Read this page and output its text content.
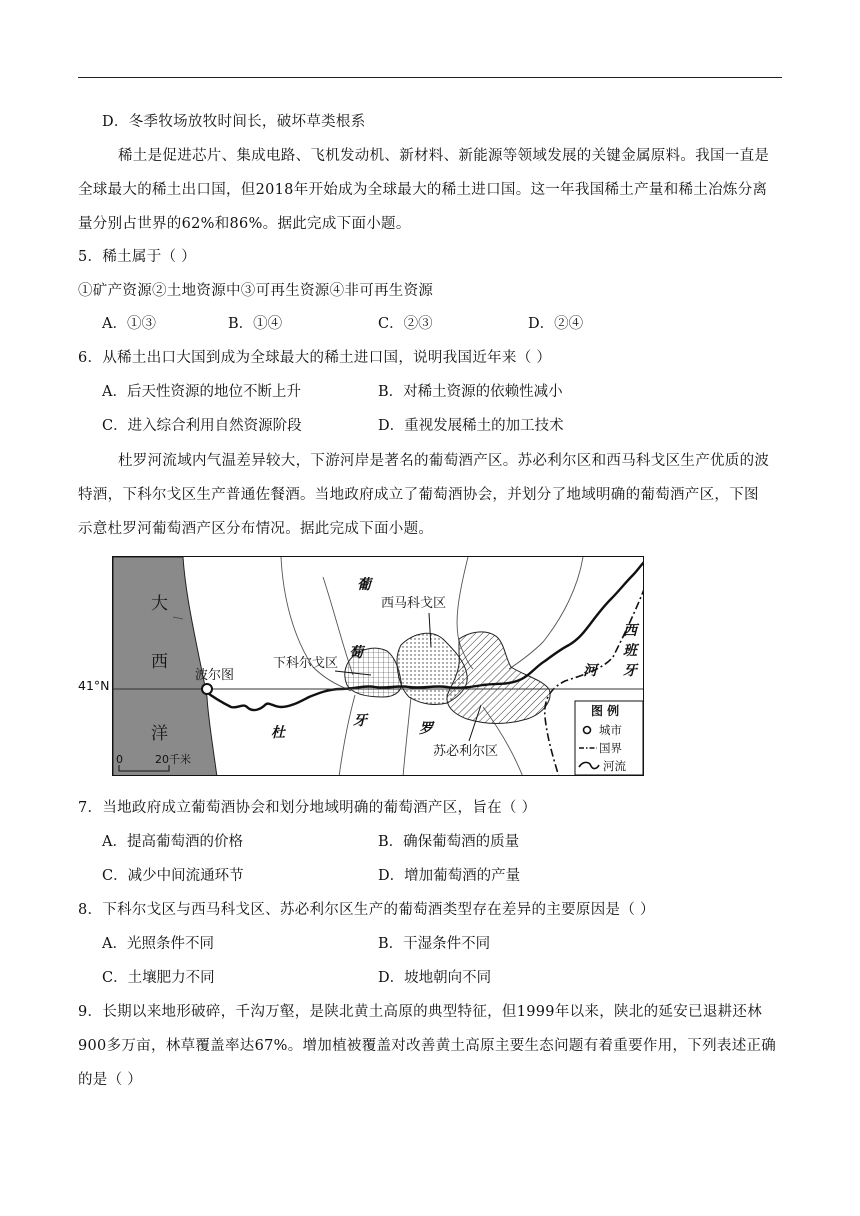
D．冬季牧场放牧时间长，破坏草类根系
稀土是促进芯片、集成电路、飞机发动机、新材料、新能源等领域发展的关键金属原料。我国一直是
全球最大的稀土出口国，但2018年开始成为全球最大的稀土进口国。这一年我国稀土产量和稀土冶炼分离
量分别占世界的62%和86%。据此完成下面小题。
5．稀土属于（ ）
①矿产资源②土地资源中③可再生资源④非可再生资源
A．①③	B．①④	C．②③	D．②④
6．从稀土出口大国到成为全球最大的稀土进口国，说明我国近年来（ ）
A．后天性资源的地位不断上升	B．对稀土资源的依赖性减小
C．进入综合利用自然资源阶段	D．重视发展稀土的加工技术
杜罗河流域内气温差异较大，下游河岸是著名的葡萄酒产区。苏必利尔区和西马科戈区生产优质的波
特酒，下科尔戈区生产普通佐餐酒。当地政府成立了葡萄酒协会，并划分了地域明确的葡萄酒产区，下图
示意杜罗河葡萄酒产区分布情况。据此完成下面小题。
41°N
大
西
洋
波尔图
西马科戈区
下科尔戈区
苏必利尔区
葡
萄
牙
杜	罗
河
西
班
牙
0	20千米
图 例
城市
国界
河流
7．当地政府成立葡萄酒协会和划分地域明确的葡萄酒产区，旨在（ ）
A．提高葡萄酒的价格	B．确保葡萄酒的质量
C．减少中间流通环节	D．增加葡萄酒的产量
8．下科尔戈区与西马科戈区、苏必利尔区生产的葡萄酒类型存在差异的主要原因是（ ）
A．光照条件不同	B．干湿条件不同
C．土壤肥力不同	D．坡地朝向不同
9．长期以来地形破碎，千沟万壑，是陕北黄土高原的典型特征，但1999年以来，陕北的延安已退耕还林
900多万亩，林草覆盖率达67%。增加植被覆盖对改善黄土高原主要生态问题有着重要作用，下列表述正确
的是（ ）
